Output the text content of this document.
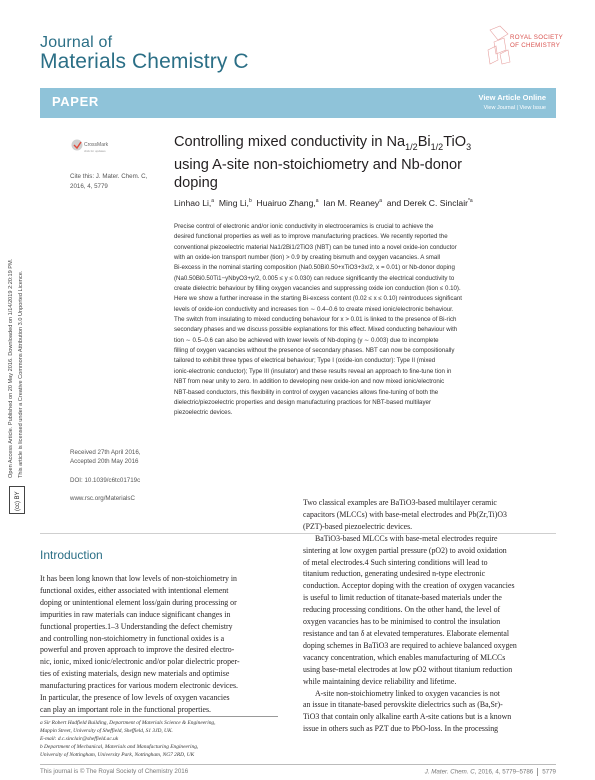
Journal of
Materials Chemistry C
ROYAL SOCIETY
OF CHEMISTRY
PAPER	View Article Online
View Journal | View Issue
Open Access Article. Published on 20 May 2016. Downloaded on 1/14/2019 2:20:19 PM. This article is licensed under a Creative Commons Attribution 3.0 Unported Licence.
(cc) BY
CrossMark
click for updates
Cite this: J. Mater. Chem. C, 2016, 4, 5779
Controlling mixed conductivity in $Na_{1/2}Bi_{1/2}TiO_3$
using A-site non-stoichiometry and Nb-donor
doping
Linhao Li,$^a$ Ming Li,$^b$ Huairuo Zhang,$^a$ Ian M. Reaney$^a$ and Derek C. Sinclair$^{*a}$
Precise control of electronic and/or ionic conductivity in electroceramics is crucial to achieve the
desired functional properties as well as to improve manufacturing practices. We recently reported the
conventional piezoelectric material Na1/2Bi1/2TiO3 (NBT) can be tuned into a novel oxide-ion conductor
with an oxide-ion transport number (tion) > 0.9 by creating bismuth and oxygen vacancies. A small
Bi-excess in the nominal starting composition (Na0.50Bi0.50+xTiO3+3x/2, x = 0.01) or Nb-donor doping
(Na0.50Bi0.50Ti1−yNbyO3+y/2, 0.005 ≤ y ≤ 0.030) can reduce significantly the electrical conductivity to
create dielectric behaviour by filling oxygen vacancies and suppressing oxide ion conduction (tion ≤ 0.10).
Here we show a further increase in the starting Bi-excess content (0.02 ≤ x ≤ 0.10) reintroduces significant
levels of oxide-ion conductivity and increases tion ∼ 0.4–0.6 to create mixed ionic/electronic behaviour.
The switch from insulating to mixed conducting behaviour for x > 0.01 is linked to the presence of Bi-rich
secondary phases and we discuss possible explanations for this effect. Mixed conducting behaviour with
tion ∼ 0.5–0.6 can also be achieved with lower levels of Nb-doping (y ∼ 0.003) due to incomplete
filling of oxygen vacancies without the presence of secondary phases. NBT can now be compositionally
tailored to exhibit three types of electrical behaviour; Type I (oxide-ion conductor): Type II (mixed
ionic-electronic conductor); Type III (insulator) and these results reveal an approach to fine-tune tion in
NBT from near unity to zero. In addition to developing new oxide-ion and now mixed ionic/electronic
NBT-based conductors, this flexibility in control of oxygen vacancies allows fine-tuning of both the
dielectric/piezoelectric properties and design manufacturing practices for NBT-based multilayer
piezoelectric devices.
Received 27th April 2016,
Accepted 20th May 2016
DOI: 10.1039/c6tc01719c
www.rsc.org/MaterialsC
Introduction
It has been long known that low levels of non-stoichiometry in
functional oxides, either associated with intentional element
doping or unintentional element loss/gain during processing or
impurities in raw materials can induce significant changes in
functional properties.1–3 Understanding the defect chemistry
and controlling non-stoichiometry in functional oxides is a
powerful and proven approach to improve the desired electro-
nic, ionic, mixed ionic/electronic and/or polar dielectric proper-
ties of existing materials, design new materials and optimise
manufacturing practices for various modern electronic devices.
In particular, the presence of low levels of oxygen vacancies
can play an important role in the functional properties.
Two classical examples are BaTiO3-based multilayer ceramic
capacitors (MLCCs) with base-metal electrodes and Pb(Zr,Ti)O3
(PZT)-based piezoelectric devices.
BaTiO3-based MLCCs with base-metal electrodes require
sintering at low oxygen partial pressure (pO2) to avoid oxidation
of metal electrodes.4 Such sintering conditions will lead to
titanium reduction, generating undesired n-type electronic
conduction. Acceptor doping with the creation of oxygen vacancies
is useful to limit reduction of titanate-based materials under the
reducing processing conditions. On the other hand, the level of
oxygen vacancies has to be minimised to control the insulation
resistance and tan δ at elevated temperatures. Elaborate elemental
doping schemes in BaTiO3 are required to achieve balanced oxygen
vacancy concentration, which enables manufacturing of MLCCs
using base-metal electrodes at low pO2 without titanium reduction
while maintaining device reliability and lifetime.
A-site non-stoichiometry linked to oxygen vacancies is not
an issue in titanate-based perovskite dielectrics such as (Ba,Sr)-
TiO3 that contain only alkaline earth A-site cations but is a known
issue in others such as PZT due to PbO-loss. In the processing
a Sir Robert Hadfield Building, Department of Materials Science & Engineering,
Mappin Street, University of Sheffield, Sheffield, S1 3JD, UK.
E-mail: d.c.sinclair@sheffield.ac.uk
b Department of Mechanical, Materials and Manufacturing Engineering,
University of Nottingham, University Park, Nottingham, NG7 2RD, UK
This journal is © The Royal Society of Chemistry 2016	J. Mater. Chem. C, 2016, 4, 5779–5786 5779
